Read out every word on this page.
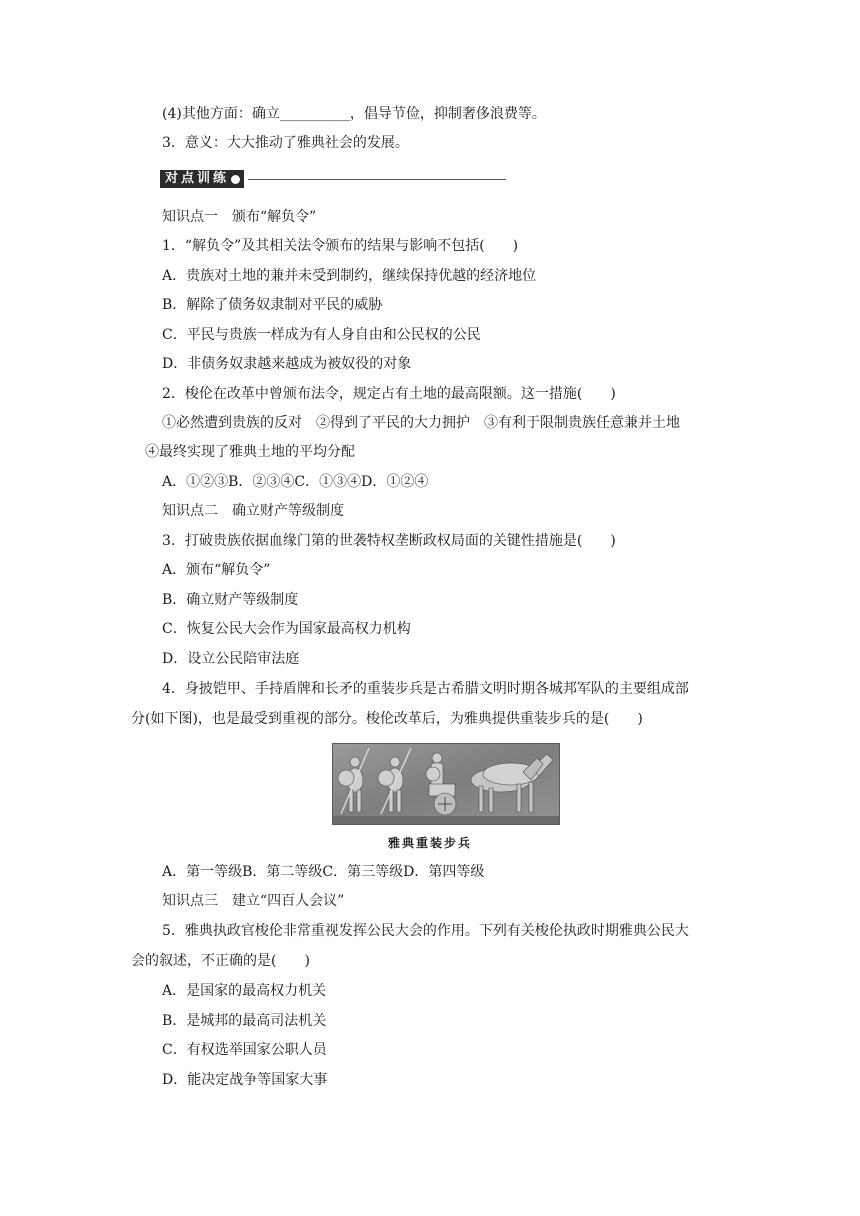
(4)其他方面：确立__________，倡导节俭，抑制奢侈浪费等。
3．意义：大大推动了雅典社会的发展。
对点训练
知识点一　颁布“解负令”
1．“解负令”及其相关法令颁布的结果与影响不包括(　　)
A．贵族对土地的兼并未受到制约，继续保持优越的经济地位
B．解除了债务奴隶制对平民的威胁
C．平民与贵族一样成为有人身自由和公民权的公民
D．非债务奴隶越来越成为被奴役的对象
2．梭伦在改革中曾颁布法令，规定占有土地的最高限额。这一措施(　　)
①必然遭到贵族的反对　②得到了平民的大力拥护　③有利于限制贵族任意兼并土地
④最终实现了雅典土地的平均分配
A．①②③B．②③④C．①③④D．①②④
知识点二　确立财产等级制度
3．打破贵族依据血缘门第的世袭特权垄断政权局面的关键性措施是(　　)
A．颁布“解负令”
B．确立财产等级制度
C．恢复公民大会作为国家最高权力机构
D．设立公民陪审法庭
4．身披铠甲、手持盾牌和长矛的重装步兵是古希腊文明时期各城邦军队的主要组成部
分(如下图)，也是最受到重视的部分。梭伦改革后，为雅典提供重装步兵的是(　　)
雅典重装步兵
A．第一等级B．第二等级C．第三等级D．第四等级
知识点三　建立“四百人会议”
5．雅典执政官梭伦非常重视发挥公民大会的作用。下列有关梭伦执政时期雅典公民大
会的叙述，不正确的是(　　)
A．是国家的最高权力机关
B．是城邦的最高司法机关
C．有权选举国家公职人员
D．能决定战争等国家大事
